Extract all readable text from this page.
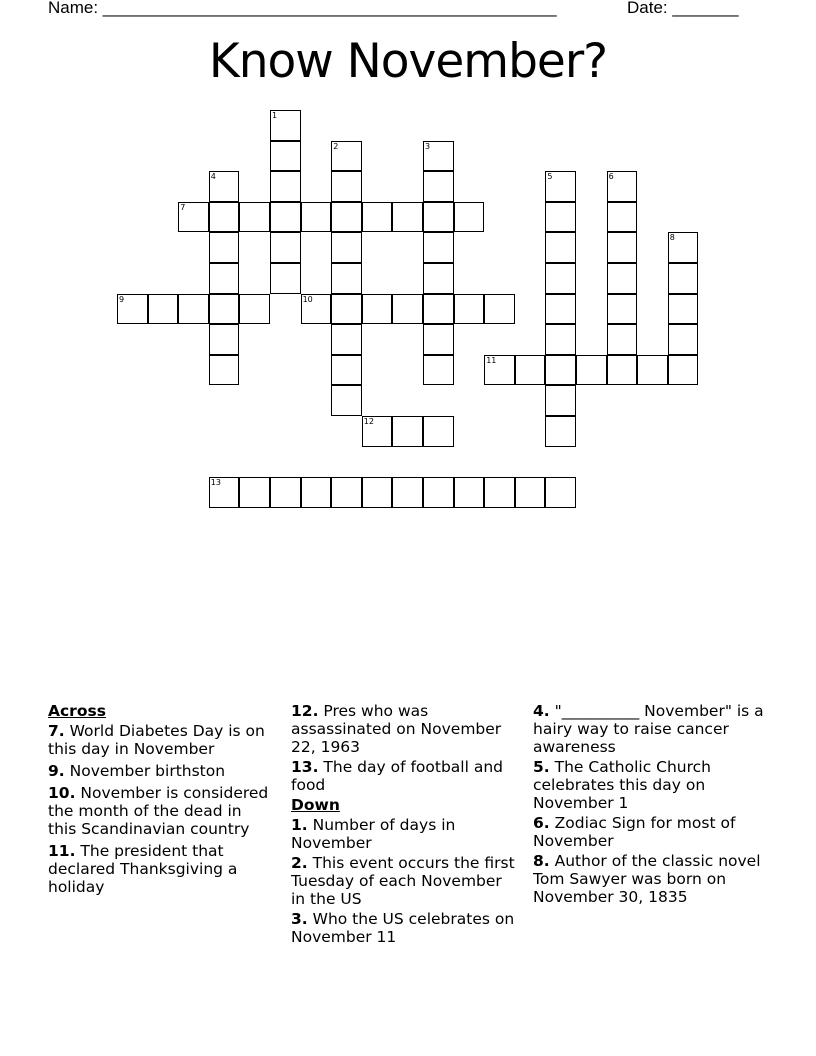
Name: ________________________________________________	Date: _______
Know November?
1
2	3
4	5	6
7
8
9	10
11
12
13
Across
7. World Diabetes Day is on this day in November
9. November birthston
10. November is considered the month of the dead in this Scandinavian country
11. The president that declared Thanksgiving a holiday
12. Pres who was assassinated on November 22, 1963
13. The day of football and food
Down
1. Number of days in November
2. This event occurs the first Tuesday of each November in the US
3. Who the US celebrates on November 11
4. "__________ November" is a hairy way to raise cancer awareness
5. The Catholic Church celebrates this day on November 1
6. Zodiac Sign for most of November
8. Author of the classic novel Tom Sawyer was born on November 30, 1835
